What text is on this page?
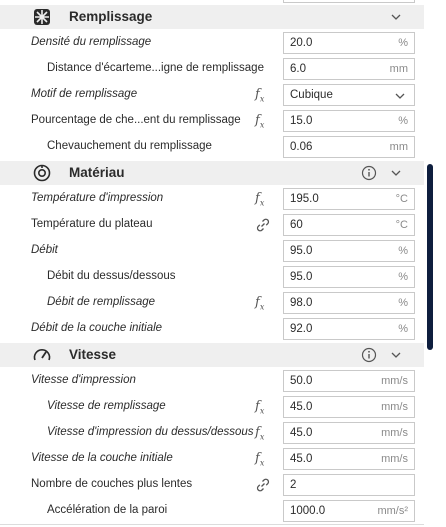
Remplissage
Densité du remplissage	20.0	%
Distance d'écarteme...igne de remplissage 6.0	mm
Motif de remplissage	$f_x$ Cubique
Pourcentage de che...ent du remplissage $f_x$ 15.0	%
Chevauchement du remplissage	0.06	mm
Matériau
Température d'impression	$f_x$ 195.0	°C
Température du plateau	60	°C
Débit	95.0	%
Débit du dessus/dessous	95.0	%
Débit de remplissage	$f_x$ 98.0	%
Débit de la couche initiale	92.0	%
Vitesse
Vitesse d'impression	50.0	mm/s
Vitesse de remplissage	$f_x$ 45.0	mm/s
Vitesse d'impression du dessus/dessous $f_x$ 45.0	mm/s
Vitesse de la couche initiale	$f_x$ 45.0	mm/s
Nombre de couches plus lentes	2
Accélération de la paroi	1000.0	mm/s²
